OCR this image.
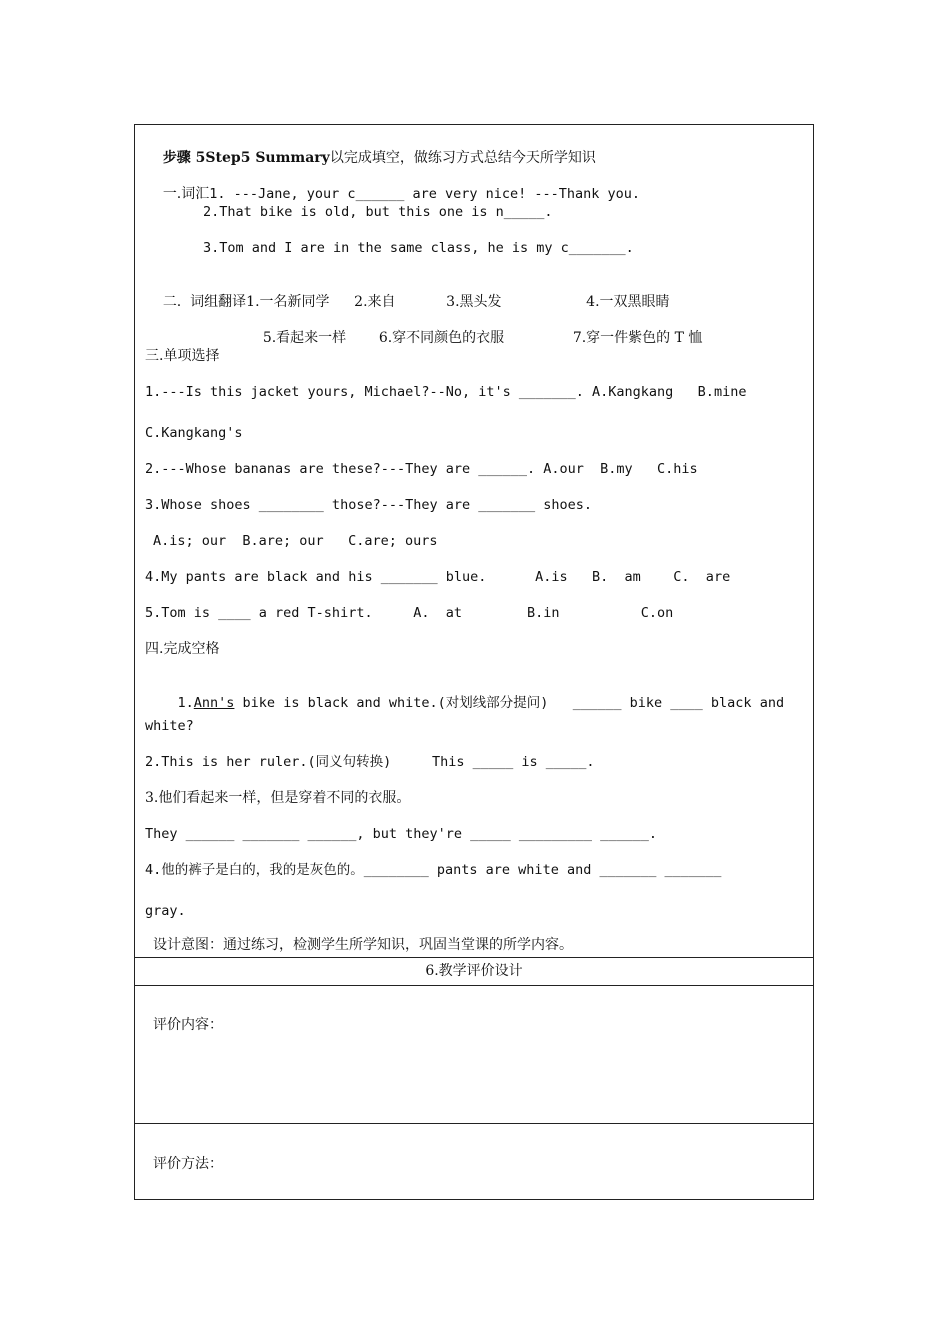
步骤 5Step5 Summary以完成填空，做练习方式总结今天所学知识

一.词汇1. ---Jane, your c______ are very nice! ---Thank you.

2.That bike is old, but this one is n_____.
3.Tom and I are in the same class, he is my c_______.

二.  词组翻译1.一名新同学 2.来自	3.黑头发	4.一双黑眼睛

5.看起来一样 6.穿不同颜色的衣服	7.穿一件紫色的 T 恤

三.单项选择
1.---Is this jacket yours, Michael?--No, it's _______. A.Kangkang   B.mine
C.Kangkang's
2.---Whose bananas are these?---They are ______. A.our  B.my   C.his
3.Whose shoes ________ those?---They are _______ shoes.
A.is; our  B.are; our   C.are; ours
4.My pants are black and his _______ blue.      A.is   B.  am    C.  are
5.Tom is ____ a red T-shirt.     A.  at        B.in          C.on
四.完成空格

1.Ann's bike is black and white.(对划线部分提问)   ______ bike ____ black and

white?
2.This is her ruler.(同义句转换)     This _____ is _____.
3.他们看起来一样，但是穿着不同的衣服。
They ______ _______ ______, but they're _____ _________ ______.
4.他的裤子是白的，我的是灰色的。________ pants are white and _______ _______
gray.
设计意图：通过练习，检测学生所学知识，巩固当堂课的所学内容。
6.教学评价设计
评价内容：
评价方法：
